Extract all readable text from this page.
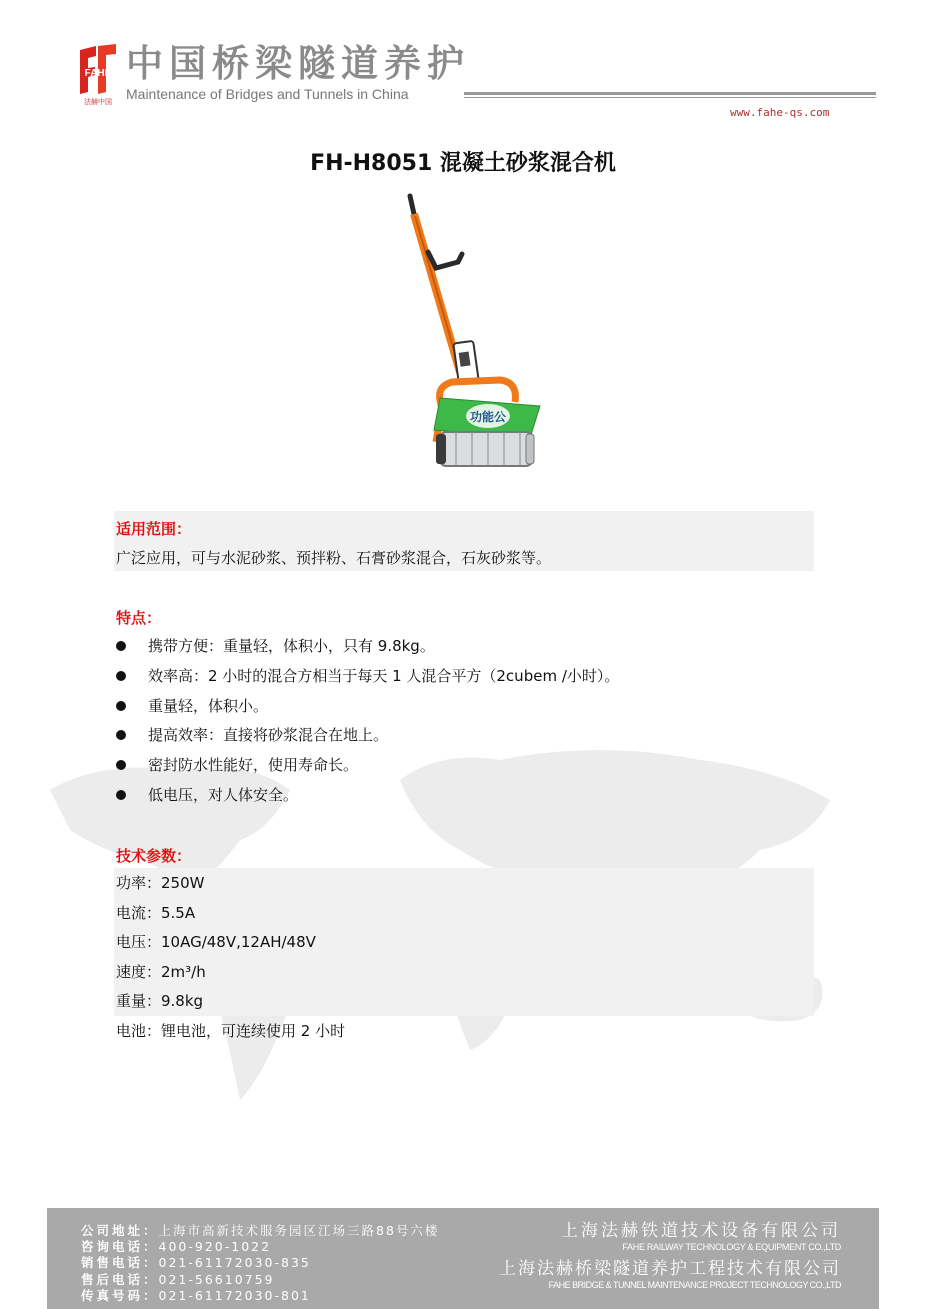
FAHE
法赫中国
中国桥梁隧道养护
Maintenance of Bridges and Tunnels in China
www.fahe-qs.com
FH-H8051 混凝土砂浆混合机
功能公
适用范围：
广泛应用，可与水泥砂浆、预拌粉、石膏砂浆混合，石灰砂浆等。
特点：
携带方便：重量轻，体积小，只有 9.8kg。
效率高：2 小时的混合方相当于每天 1 人混合平方（2cubem /小时）。
重量轻，体积小。
提高效率：直接将砂浆混合在地上。
密封防水性能好，使用寿命长。
低电压，对人体安全。
技术参数：
功率：250W
电流：5.5A
电压：10AG/48V,12AH/48V
速度：2m³/h
重量：9.8kg
电池：锂电池，可连续使用 2 小时
公司地址：上海市高新技术服务园区江场三路88号六楼
咨询电话：400-920-1022
销售电话：021-61172030-835
售后电话：021-56610759
传真号码：021-61172030-801
上海法赫铁道技术设备有限公司
FAHE RAILWAY TECHNOLOGY & EQUIPMENT CO.,LTD
上海法赫桥梁隧道养护工程技术有限公司
FAHE BRIDGE & TUNNEL MAINTENANCE PROJECT TECHNOLOGY CO.,LTD
